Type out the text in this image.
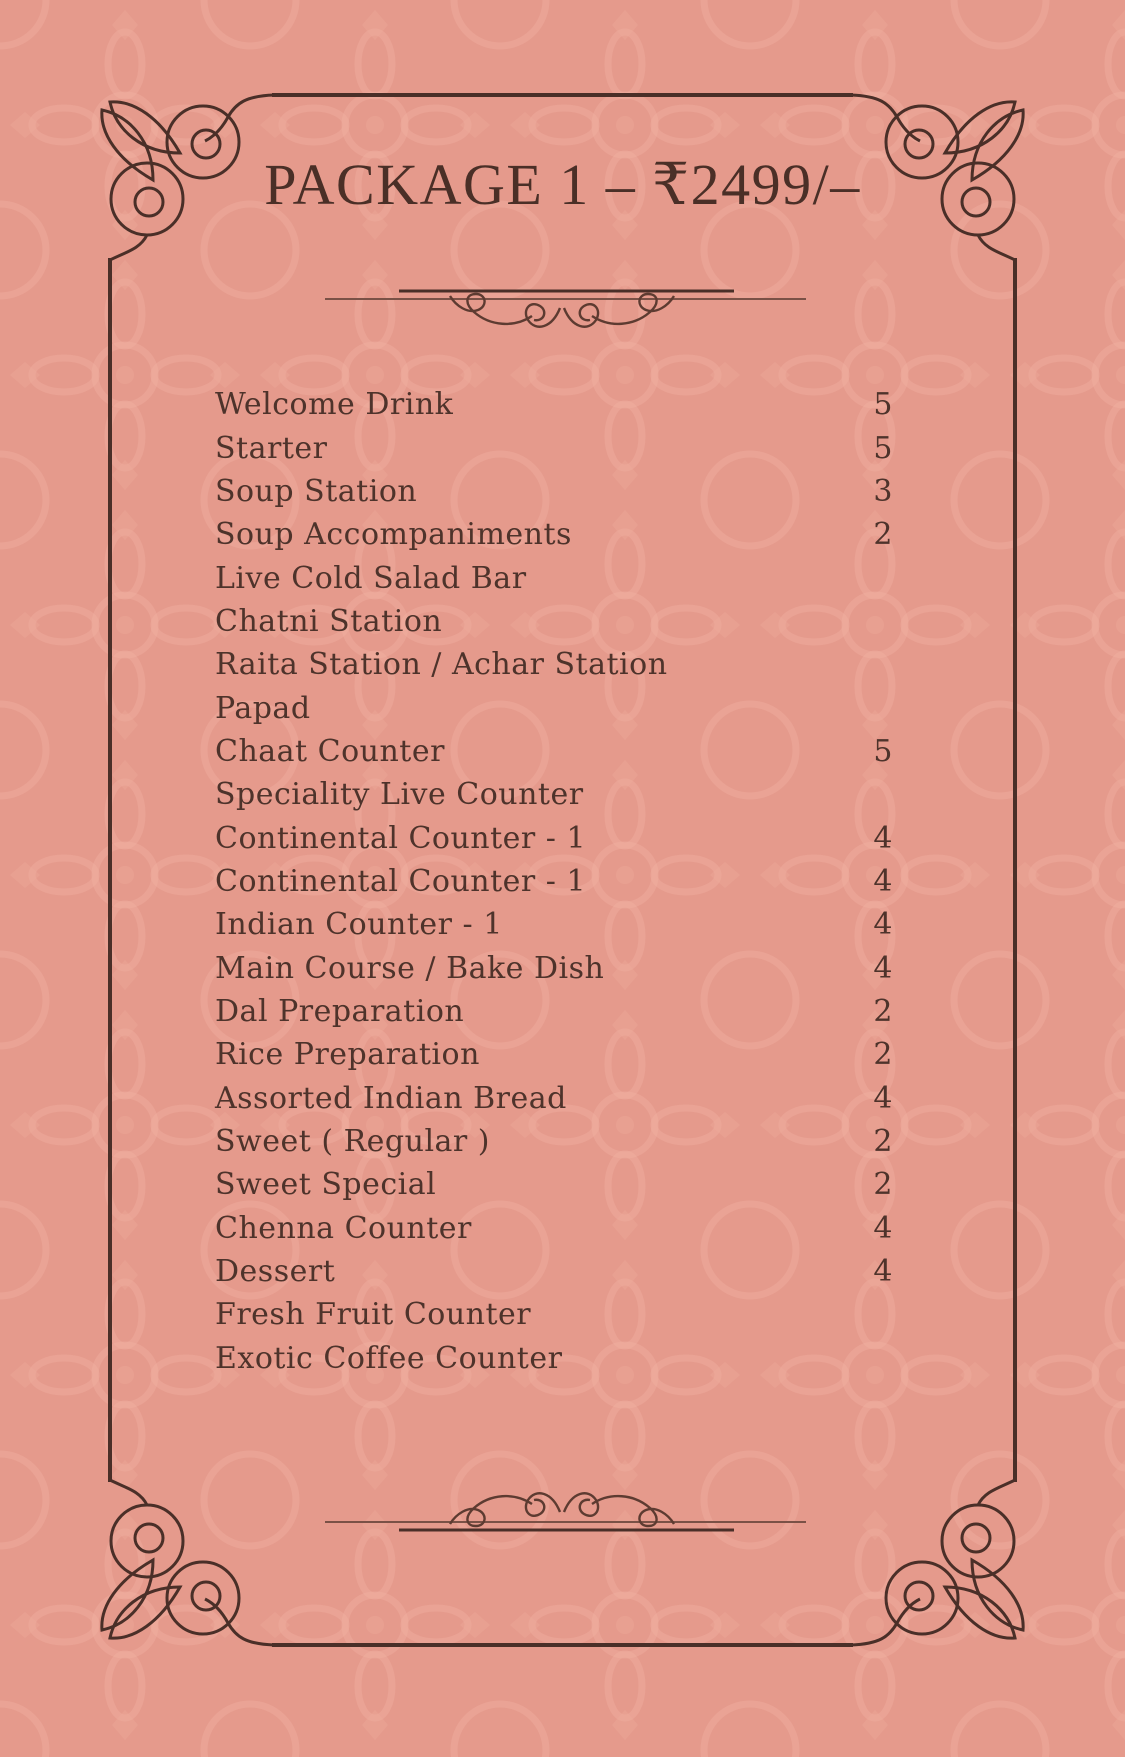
PACKAGE 1 – ₹2499/–
Welcome Drink	5
Starter	5
Soup Station	3
Soup Accompaniments	2
Live Cold Salad Bar
Chatni Station
Raita Station / Achar Station
Papad
Chaat Counter	5
Speciality Live Counter
Continental Counter - 1	4
Continental Counter - 1	4
Indian Counter - 1	4
Main Course / Bake Dish	4
Dal Preparation	2
Rice Preparation	2
Assorted Indian Bread	4
Sweet ( Regular )	2
Sweet Special	2
Chenna Counter	4
Dessert	4
Fresh Fruit Counter
Exotic Coffee Counter
